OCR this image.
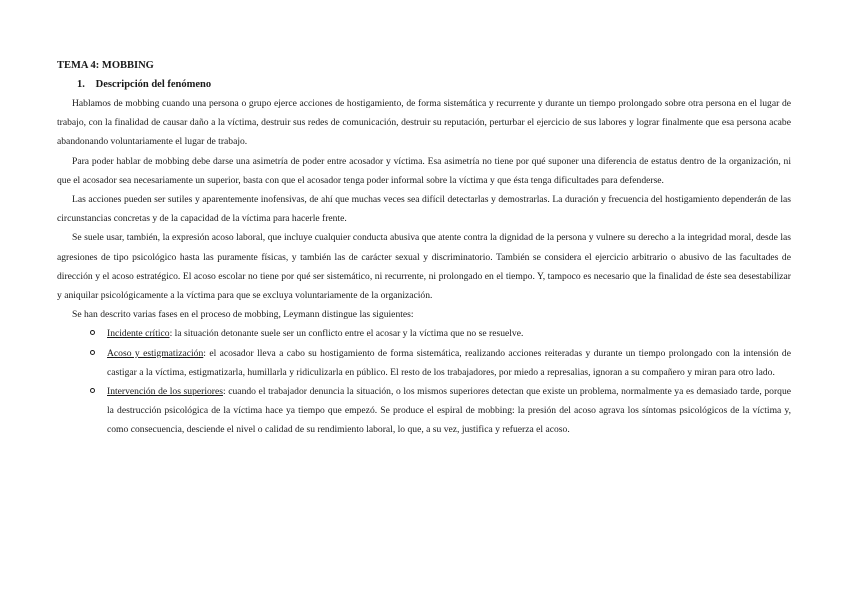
TEMA 4: MOBBING
1. Descripción del fenómeno

Hablamos de mobbing cuando una persona o grupo ejerce acciones de hostigamiento, de forma sistemática y recurrente y durante un tiempo prolongado sobre otra persona en el lugar de trabajo, con la finalidad de causar daño a la víctima, destruir sus redes de comunicación, destruir su reputación, perturbar el ejercicio de sus labores y lograr finalmente que esa persona acabe abandonando voluntariamente el lugar de trabajo.

Para poder hablar de mobbing debe darse una asimetría de poder entre acosador y víctima. Esa asimetría no tiene por qué suponer una diferencia de estatus dentro de la organización, ni que el acosador sea necesariamente un superior, basta con que el acosador tenga poder informal sobre la víctima y que ésta tenga dificultades para defenderse.

Las acciones pueden ser sutiles y aparentemente inofensivas, de ahí que muchas veces sea difícil detectarlas y demostrarlas. La duración y frecuencia del hostigamiento dependerán de las circunstancias concretas y de la capacidad de la víctima para hacerle frente.

Se suele usar, también, la expresión acoso laboral, que incluye cualquier conducta abusiva que atente contra la dignidad de la persona y vulnere su derecho a la integridad moral, desde las agresiones de tipo psicológico hasta las puramente físicas, y también las de carácter sexual y discriminatorio. También se considera el ejercicio arbitrario o abusivo de las facultades de dirección y el acoso estratégico. El acoso escolar no tiene por qué ser sistemático, ni recurrente, ni prolongado en el tiempo. Y, tampoco es necesario que la finalidad de éste sea desestabilizar y aniquilar psicológicamente a la víctima para que se excluya voluntariamente de la organización.

Se han descrito varias fases en el proceso de mobbing, Leymann distingue las siguientes:

Incidente crítico: la situación detonante suele ser un conflicto entre el acosar y la víctima que no se resuelve.
Acoso y estigmatización: el acosador lleva a cabo su hostigamiento de forma sistemática, realizando acciones reiteradas y durante un tiempo prolongado con la intensión de castigar a la víctima, estigmatizarla, humillarla y ridiculizarla en público. El resto de los trabajadores, por miedo a represalias, ignoran a su compañero y miran para otro lado.
Intervención de los superiores: cuando el trabajador denuncia la situación, o los mismos superiores detectan que existe un problema, normalmente ya es demasiado tarde, porque la destrucción psicológica de la víctima hace ya tiempo que empezó. Se produce el espiral de mobbing: la presión del acoso agrava los síntomas psicológicos de la víctima y, como consecuencia, desciende el nivel o calidad de su rendimiento laboral, lo que, a su vez, justifica y refuerza el acoso.
